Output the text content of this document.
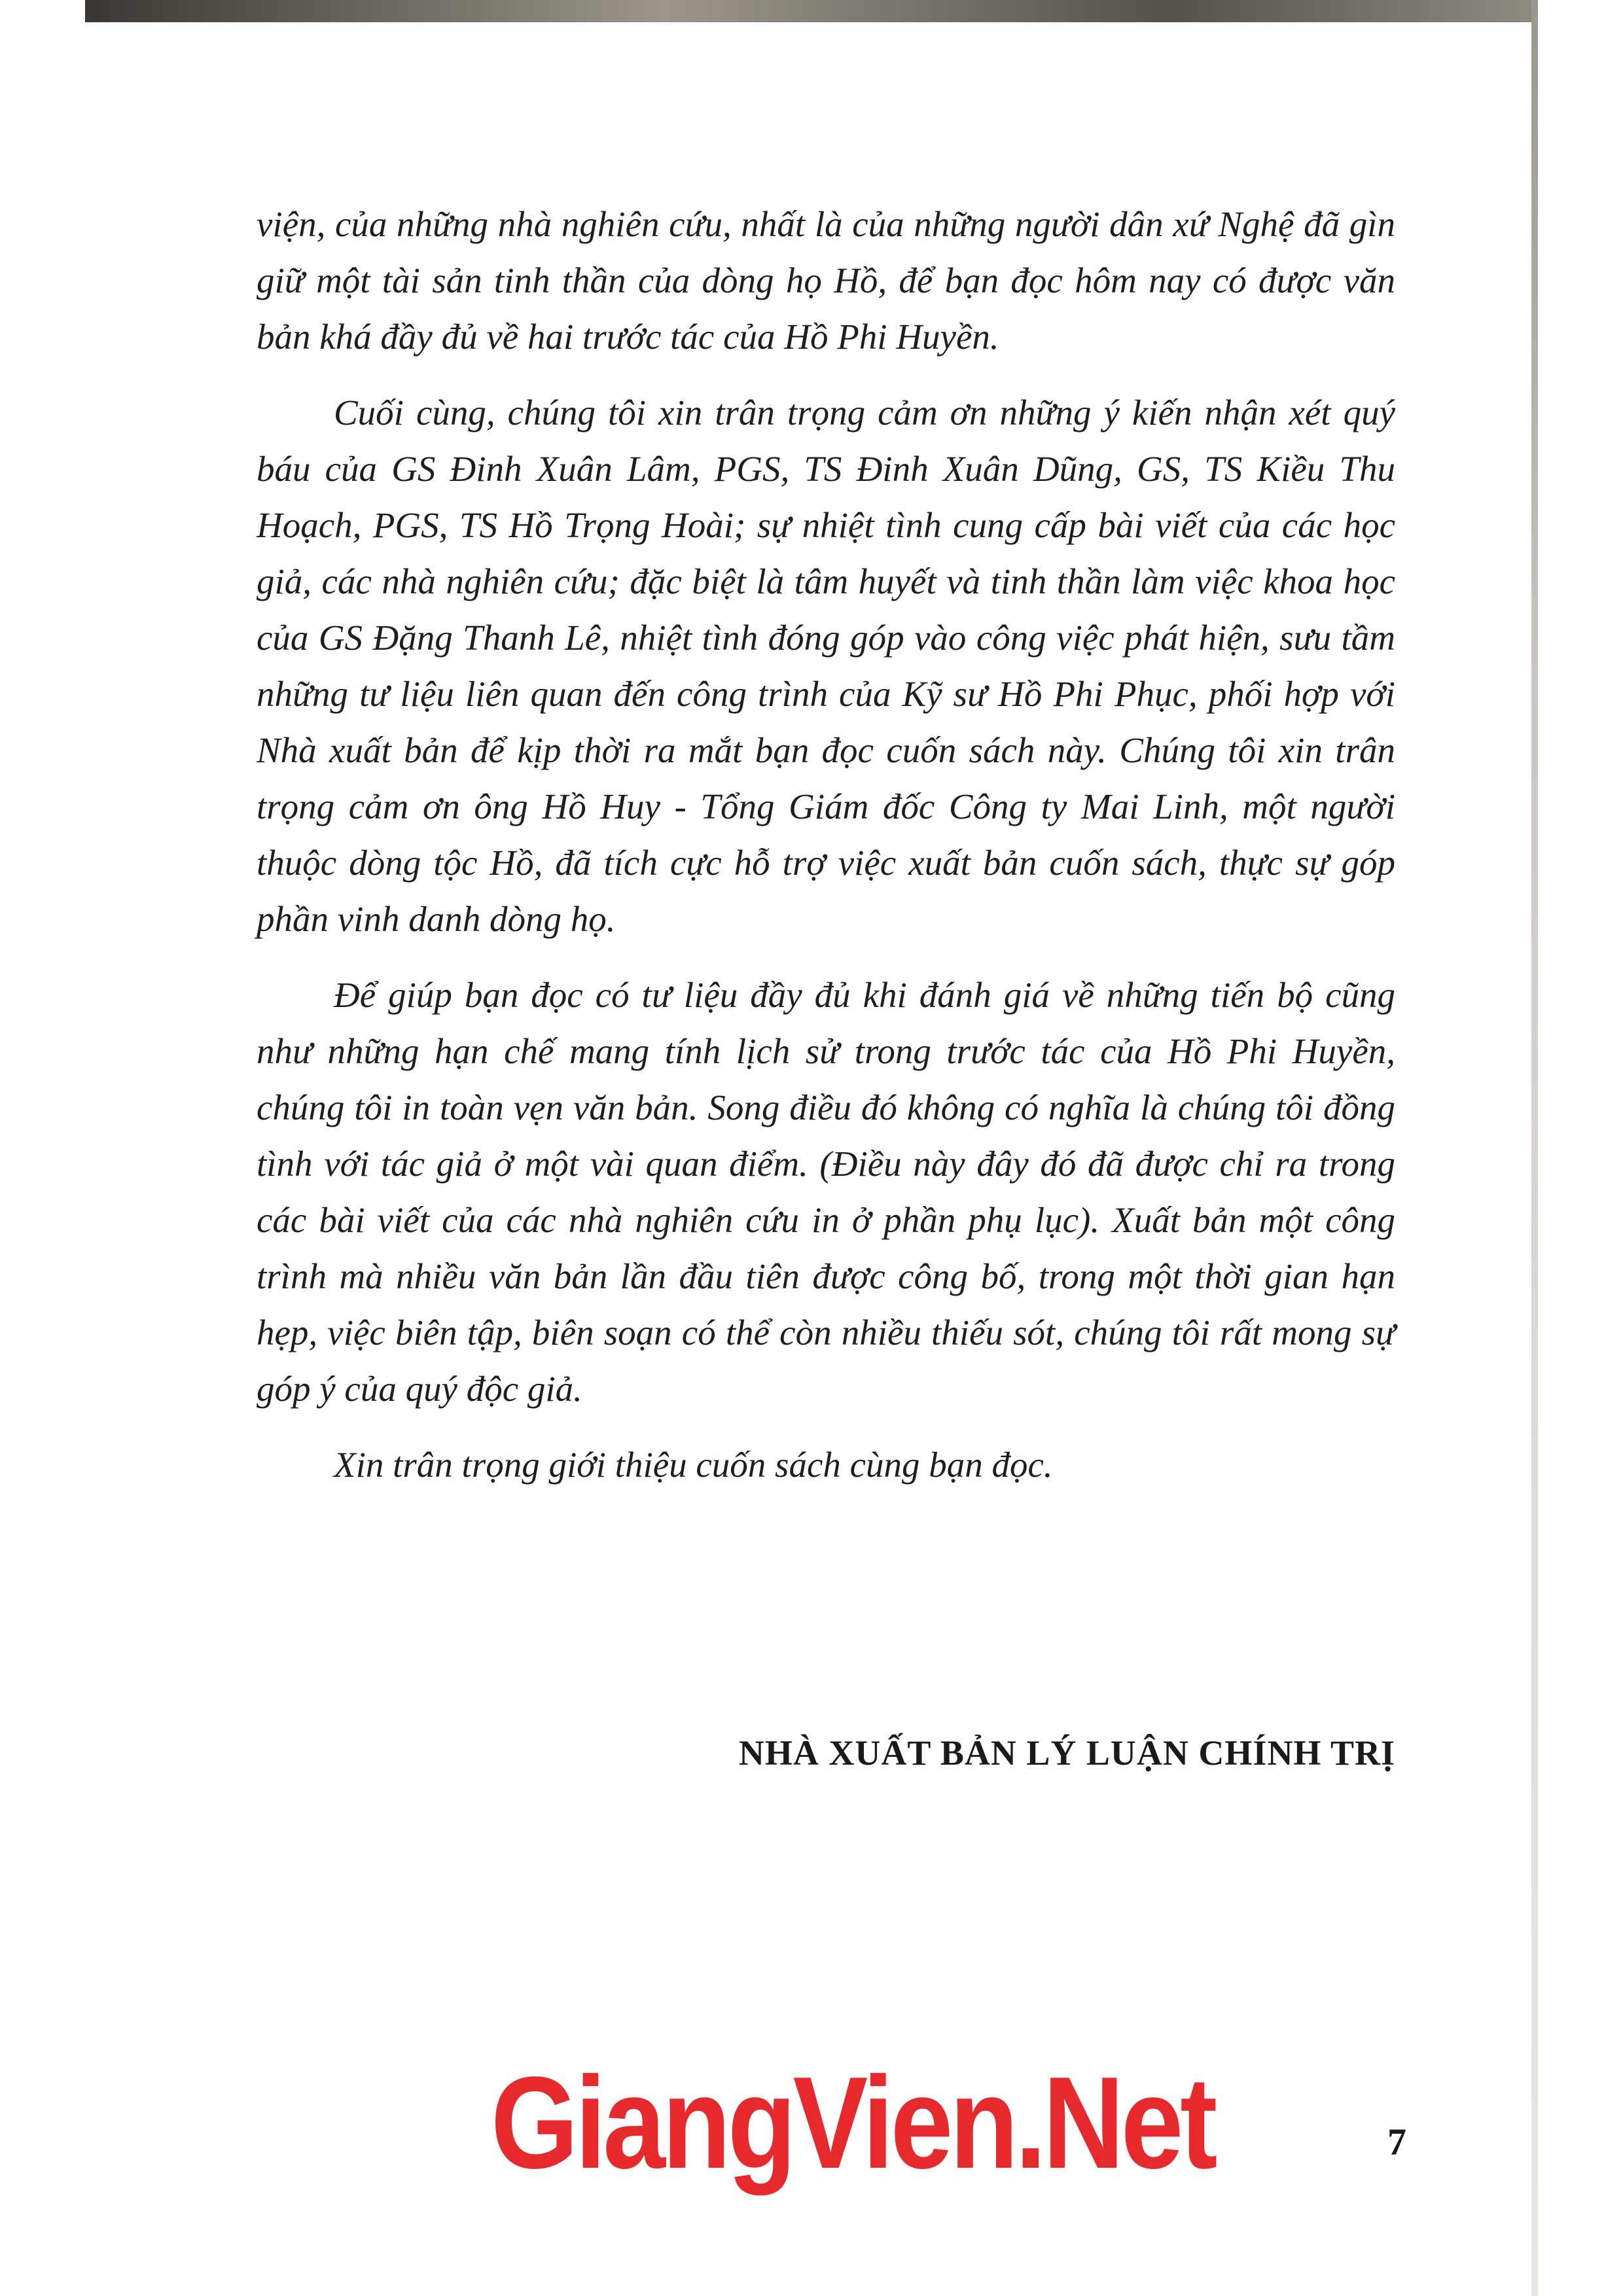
viện, của những nhà nghiên cứu, nhất là của những người dân xứ Nghệ đã gìn giữ một tài sản tinh thần của dòng họ Hồ, để bạn đọc hôm nay có được văn bản khá đầy đủ về hai trước tác của Hồ Phi Huyền.

Cuối cùng, chúng tôi xin trân trọng cảm ơn những ý kiến nhận xét quý báu của GS Đinh Xuân Lâm, PGS, TS Đinh Xuân Dũng, GS, TS Kiều Thu Hoạch, PGS, TS Hồ Trọng Hoài; sự nhiệt tình cung cấp bài viết của các học giả, các nhà nghiên cứu; đặc biệt là tâm huyết và tinh thần làm việc khoa học của GS Đặng Thanh Lê, nhiệt tình đóng góp vào công việc phát hiện, sưu tầm những tư liệu liên quan đến công trình của Kỹ sư Hồ Phi Phục, phối hợp với Nhà xuất bản để kịp thời ra mắt bạn đọc cuốn sách này. Chúng tôi xin trân trọng cảm ơn ông Hồ Huy - Tổng Giám đốc Công ty Mai Linh, một người thuộc dòng tộc Hồ, đã tích cực hỗ trợ việc xuất bản cuốn sách, thực sự góp phần vinh danh dòng họ.

Để giúp bạn đọc có tư liệu đầy đủ khi đánh giá về những tiến bộ cũng như những hạn chế mang tính lịch sử trong trước tác của Hồ Phi Huyền, chúng tôi in toàn vẹn văn bản. Song điều đó không có nghĩa là chúng tôi đồng tình với tác giả ở một vài quan điểm. (Điều này đây đó đã được chỉ ra trong các bài viết của các nhà nghiên cứu in ở phần phụ lục). Xuất bản một công trình mà nhiều văn bản lần đầu tiên được công bố, trong một thời gian hạn hẹp, việc biên tập, biên soạn có thể còn nhiều thiếu sót, chúng tôi rất mong sự góp ý của quý độc giả.

Xin trân trọng giới thiệu cuốn sách cùng bạn đọc.

NHÀ XUẤT BẢN LÝ LUẬN CHÍNH TRỊ
GiangVien.Net	7
